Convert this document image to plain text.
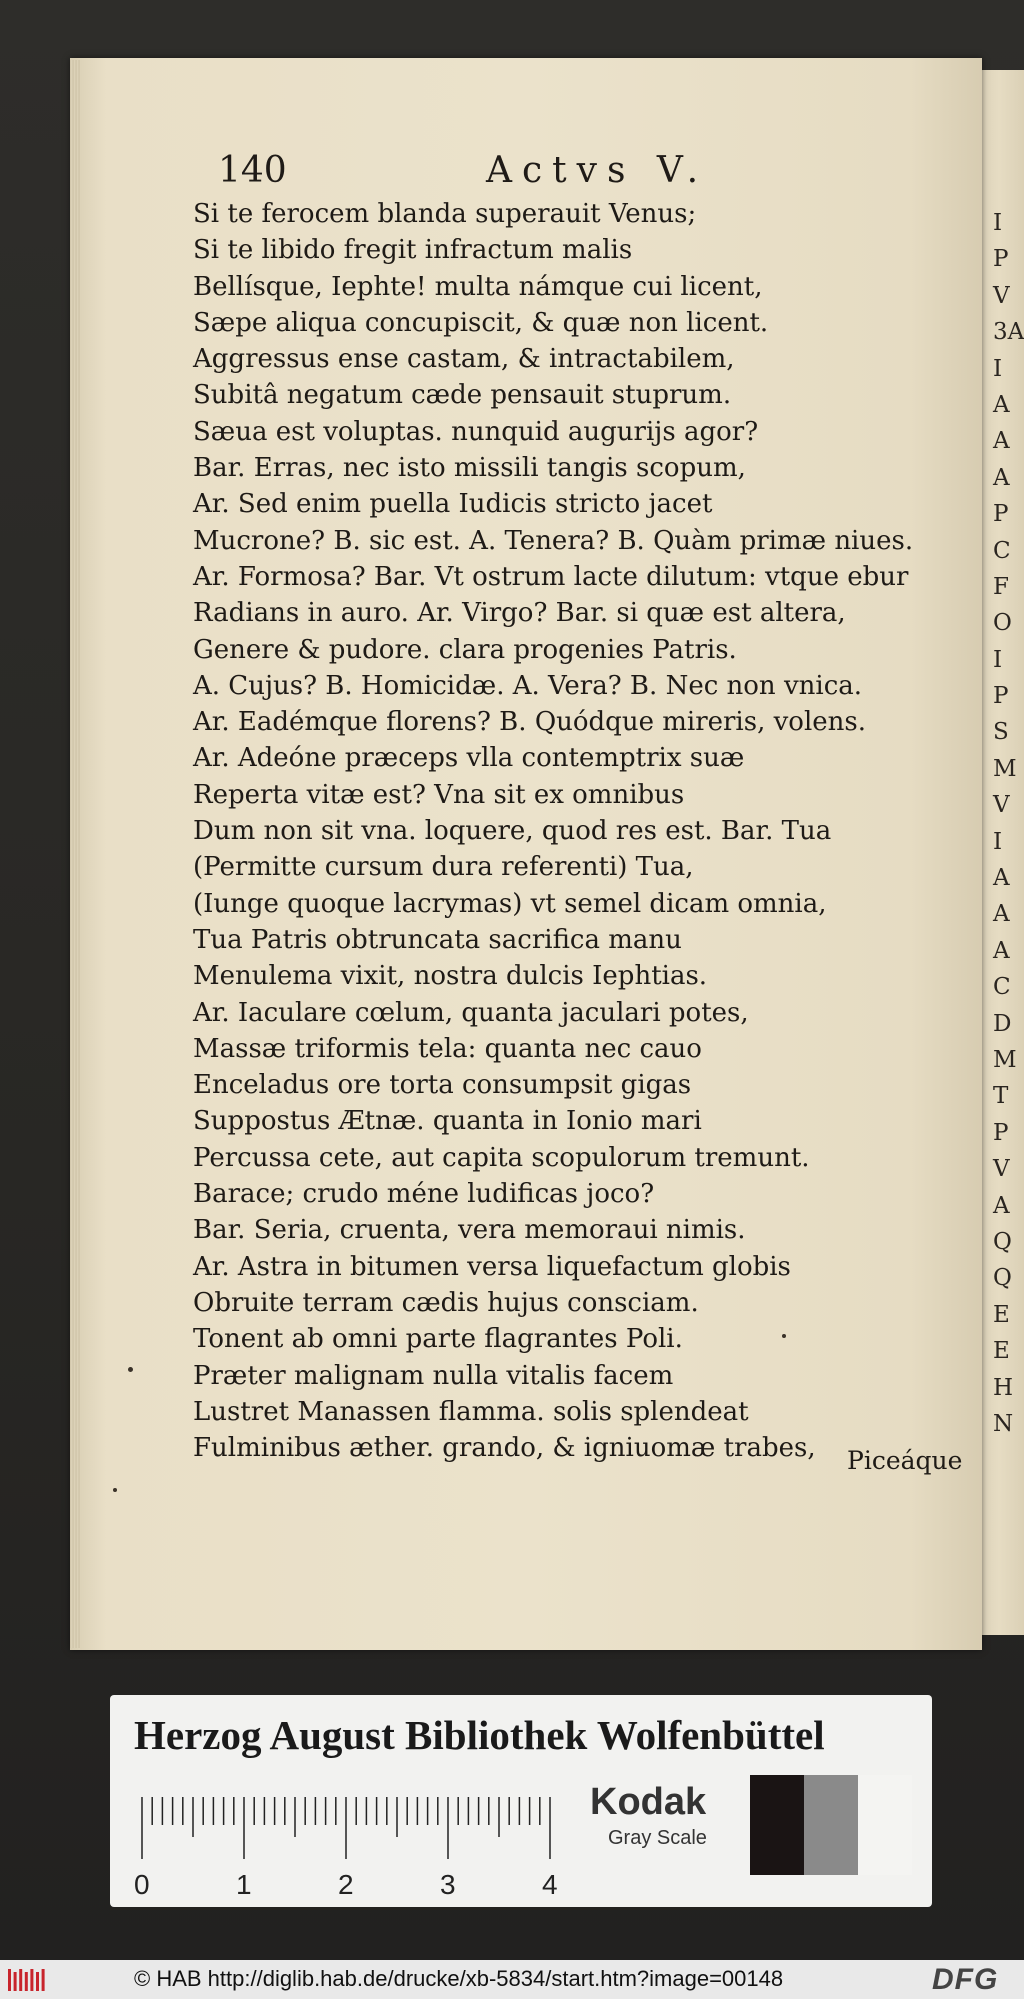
I
P
V
3A
I
A
A
A
P
C
F
O
I
P
S
M
V
I
A
A
A
C
D
M
T
P
V
A
Q
Q
E
E
H
N
140	Actvs V.
Si te ferocem blanda superauit Venus;
Si te libido fregit infractum malis
Bellísque, Iephte! multa námque cui licent,
Sæpe aliqua concupiscit, & quæ non licent.
Aggressus ense castam, & intractabilem,
Subitâ negatum cæde pensauit stuprum.
Sæua est voluptas. nunquid augurijs agor?
Bar. Erras, nec isto missili tangis scopum,
Ar. Sed enim puella Iudicis stricto jacet
Mucrone? B. sic est. A. Tenera? B. Quàm primæ niues.
Ar. Formosa? Bar. Vt ostrum lacte dilutum: vtque ebur
Radians in auro. Ar. Virgo? Bar. si quæ est altera,
Genere & pudore. clara progenies Patris.
A. Cujus? B. Homicidæ. A. Vera? B. Nec non vnica.
Ar. Eadémque florens? B. Quódque mireris, volens.
Ar. Adeóne præceps vlla contemptrix suæ
Reperta vitæ est? Vna sit ex omnibus
Dum non sit vna. loquere, quod res est. Bar. Tua
(Permitte cursum dura referenti) Tua,
(Iunge quoque lacrymas) vt semel dicam omnia,
Tua Patris obtruncata sacrifica manu
Menulema vixit, nostra dulcis Iephtias.
Ar. Iaculare cœlum, quanta jaculari potes,
Massæ triformis tela: quanta nec cauo
Enceladus ore torta consumpsit gigas
Suppostus Ætnæ. quanta in Ionio mari
Percussa cete, aut capita scopulorum tremunt.
Barace; crudo méne ludificas joco?
Bar. Seria, cruenta, vera memoraui nimis.
Ar. Astra in bitumen versa liquefactum globis
Obruite terram cædis hujus consciam.
Tonent ab omni parte flagrantes Poli.
Præter malignam nulla vitalis facem
Lustret Manassen flamma. solis splendeat
Fulminibus æther. grando, & igniuomæ trabes,	Piceáque
Herzog August Bibliothek Wolfenbüttel
0	1	2	3	4
Kodak
Gray Scale
© HAB http://diglib.hab.de/drucke/xb-5834/start.htm?image=00148	DFG
